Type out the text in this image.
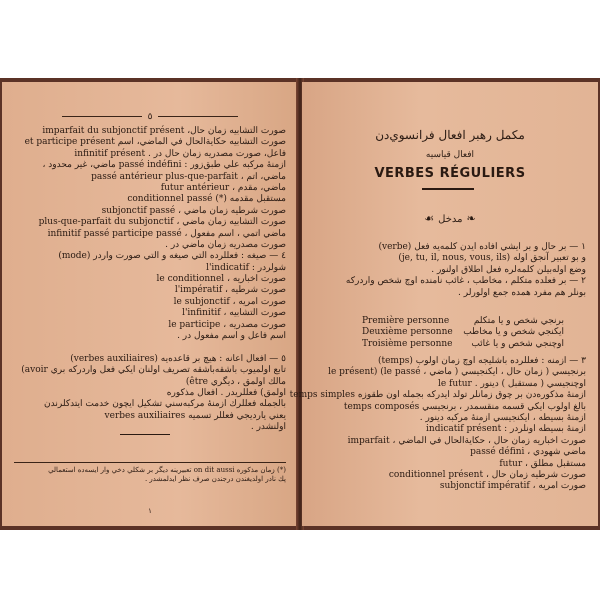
٥
صورت التشابيه زمان حال، imparfait du subjonctif présent
صورت التشابيه حكايةالحال في الماضي، اسم et participe présent
فاعل، صورت مصدريه زمان حال در . infinitif présent
ازمنهٔ مركبه علي طبق‌زور : passé indéfini ماضي، غير محدود ،
ماضي، اتم ، passé antérieur plus-que-parfait
ماضي، مقدم ، futur antérieur
مستقبل مقدمه (*) conditionnel passé
صورت شرطيه زمان ماضي ، subjonctif passé
صورت التشابيه زمان ماضي ، plus-que-parfait du subjonctif
ماضي اتمي ، اسم مفعول ، infinitif passé participe passé
صورت مصدريه زمان ماضي در .
٤ — صيغه : فعللرده التي صيغه و التي صورت واردر (mode)
شولردر : l'indicatif
صورت اخباريه ، le conditionnel
صورت شرطيه ، l'impératif
صورت امريه ، le subjonctif
صورت التشابيه ، l'infinitif
صورت مصدريه ، le participe
اسم فاعل و اسم مفعول در .
٥ — افعال اعانه : هيچ بر قاعده‌يه (verbes auxiliaires)
تابع اولميوب باشقه‌باشقه تصريف اولنان ايكي فعل واردركه بري (avoir
مالك اولمق ، ديگري (être
اولمق) فعللريدر . افعال مذكوره
بالجمله فعللرك ازمنهٔ مركبه‌سني تشكيل ايچون خدمت ايتدكلرندن
يعني يارديجي فعللر تسميه verbes auxiliaires
اولنشدر .
(*) زمان مذكوره on dit aussi تعبيرينه ديگر بر شكلي دخي وار ايسه‌ده استعمالي
پك نادر اولديغندن درجندن صرف نظر ايدلمشدر .
١
مكمل رهبر افعال فرانسوي‌دن
افعال قياسيه
VERBES RÉGULIERS
❧مدخل☙
١ — بر حال و بر ايشي افاده ايدن كلمه‌يه فعل (verbe)
و بو تعبير آنجق اوله (je, tu, il, nous, vous, ils)
وضع اوله‌بيلن كلمه‌لره فعل اطلاق اولنور .
٢ — بر فعلده متكلم ، مخاطب ، غائب نامنده اوچ شخص واردركه
بونلر هم مفرد همده جمع اولورلر .
Première personne	برنجي شخص و يا متكلم
Deuxième personne ايكنجي شخص و يا مخاطب
Troisième personne اوچنجي شخص و يا غائب
٣ — ازمنه : فعللرده باشليجه اوچ زمان اولوب (temps)
برنجيسي ( زمان حال ، ايكنجيسي ( ماضي ، le présent) (le passé
اوچنجيسي ( مستقبل ) دينور . le futur
ازمنهٔ مذكوره‌دن بر چوق زمانلر تولد ايدركه بجمله اون طقوزه temps simples
بالغ اولوب ايكي قسمه منقسمدر ، برنجيسي temps composés
ازمنهٔ بسيطه ، ايكنجيسي ازمنهٔ مركبه دينور .
ازمنهٔ بسيطه اونلردر : indicatif présent
صورت اخباريه زمان حال ، حكايةالحال في الماضي ، imparfait
ماضي شهودي ، passé défini
مستقبل مطلق ، futur
صورت شرطيه زمان حال ، conditionnel présent
صورت امريه ، subjonctif impératif
